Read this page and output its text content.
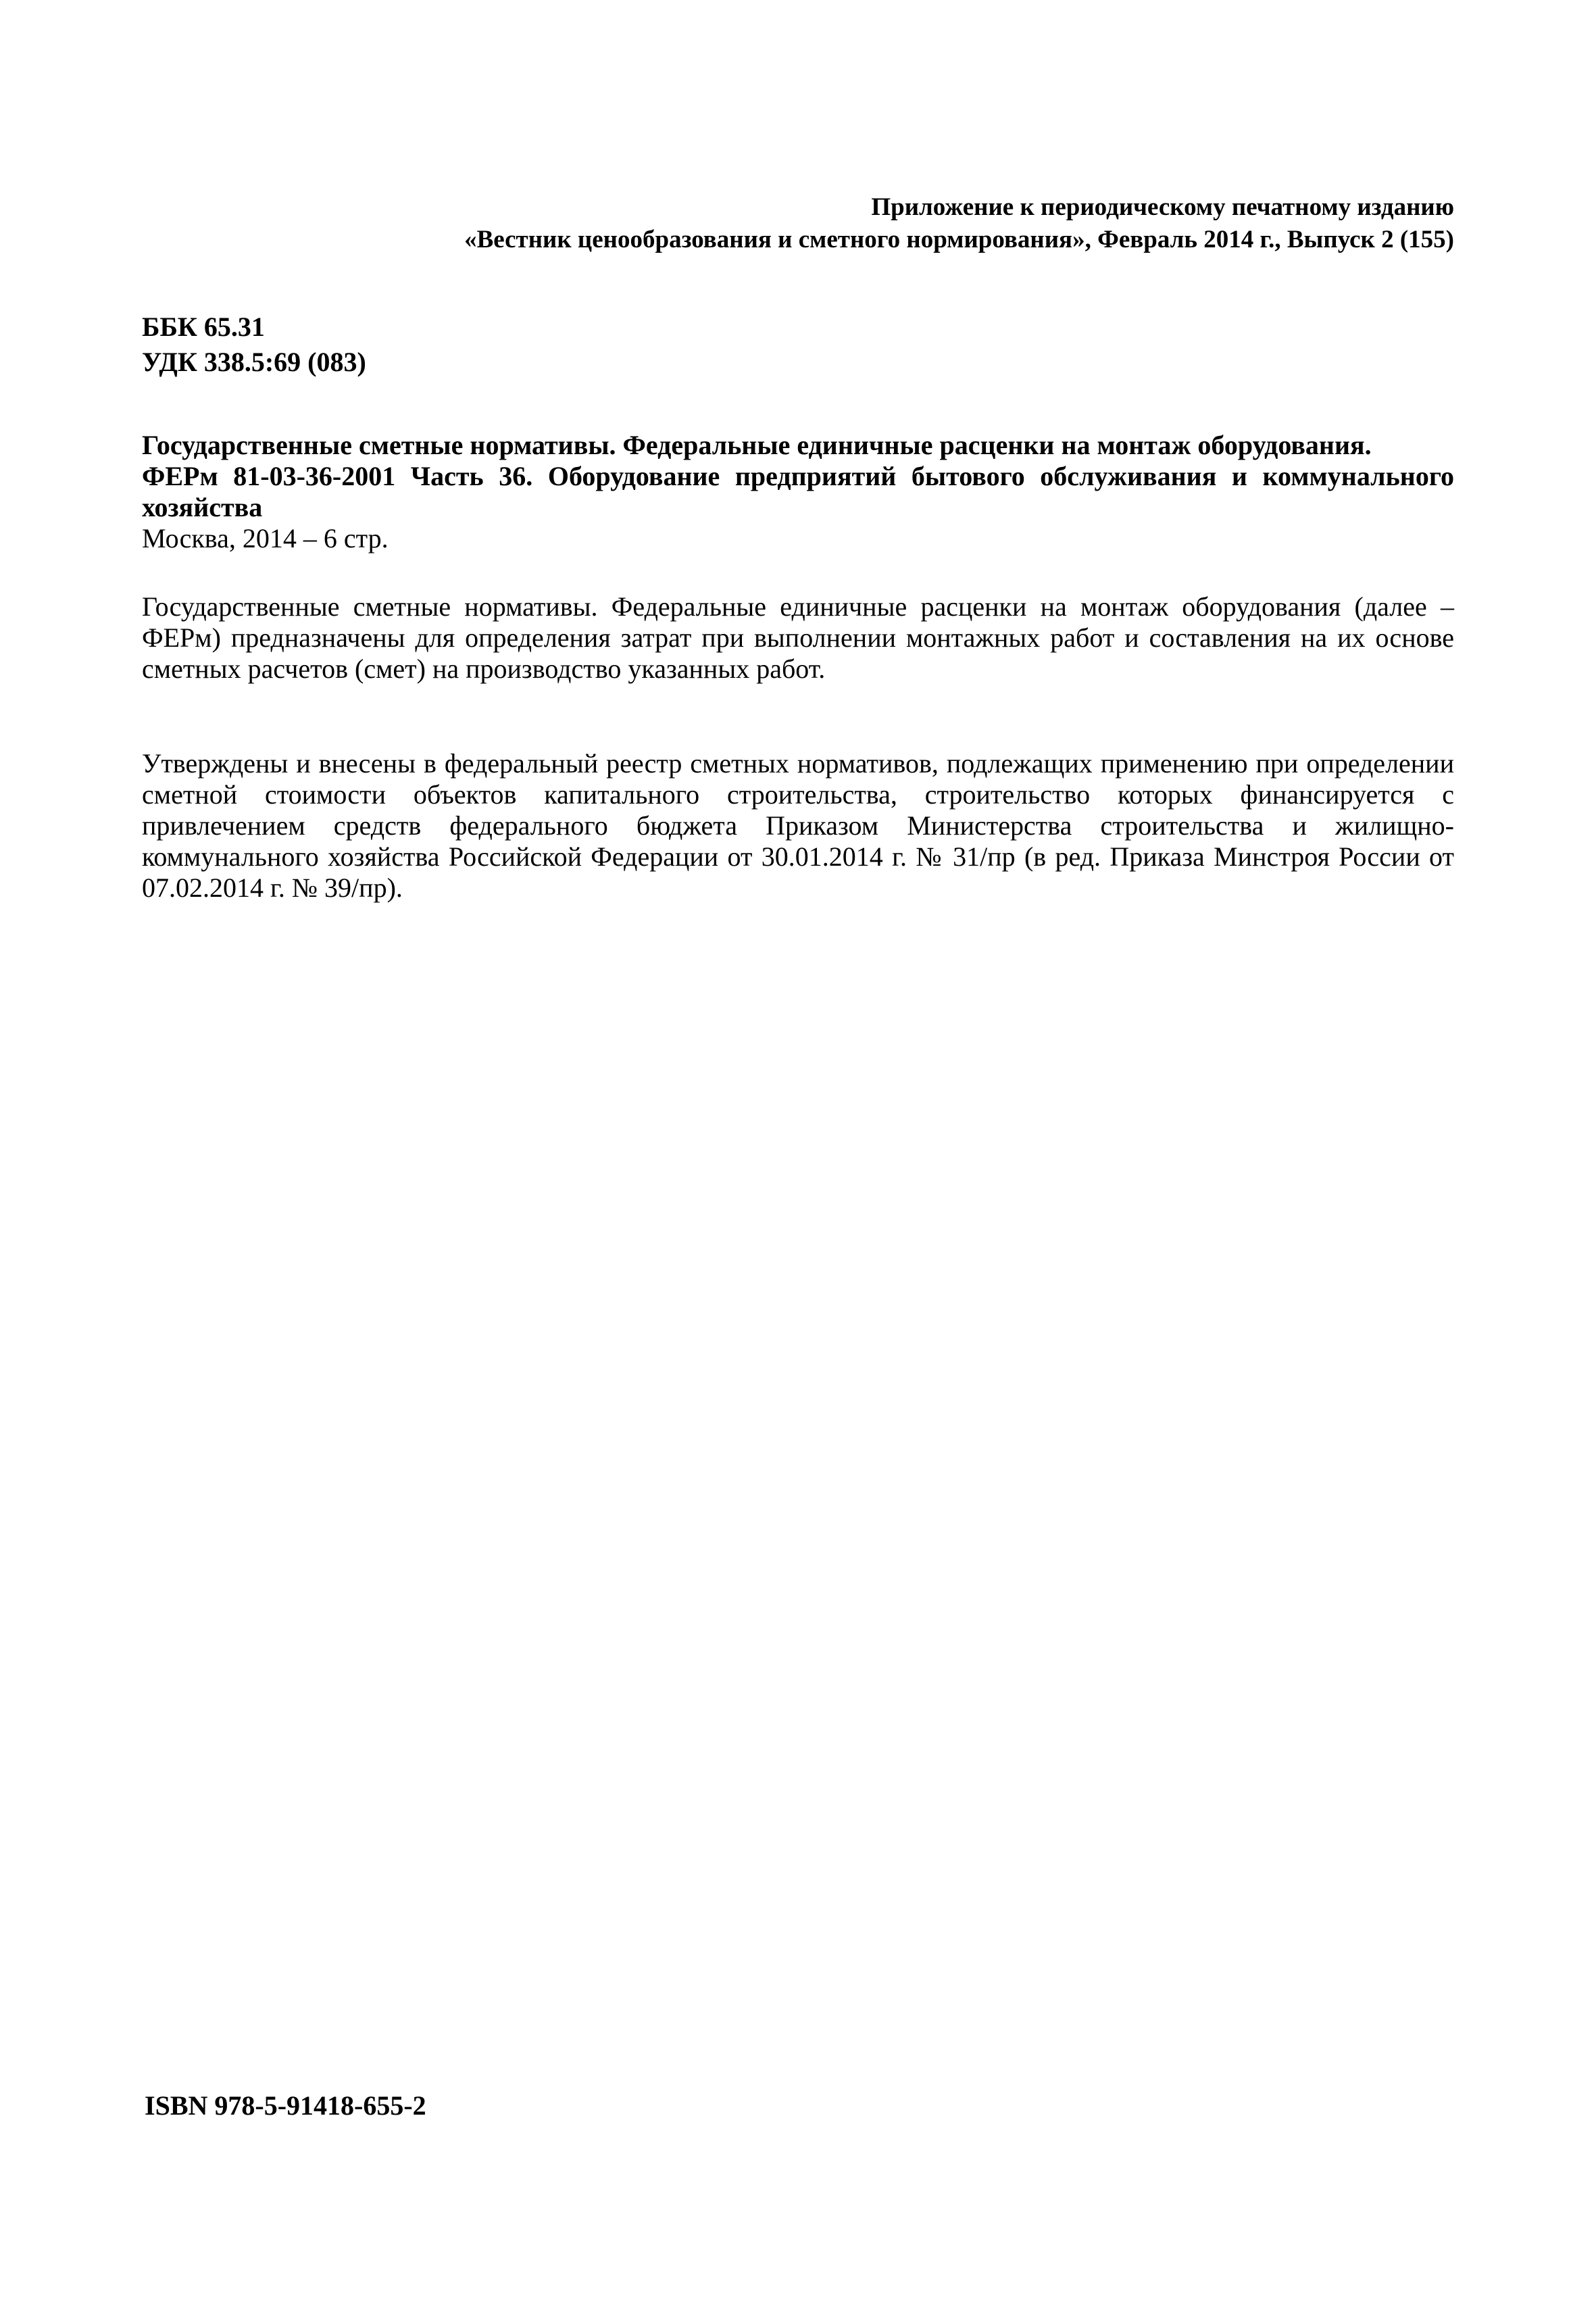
Приложение к периодическому печатному изданию
«Вестник ценообразования и сметного нормирования», Февраль 2014 г., Выпуск 2 (155)
ББК 65.31
УДК 338.5:69 (083)
Государственные сметные нормативы. Федеральные единичные расценки на монтаж оборудования.
ФЕРм 81-03-36-2001 Часть 36. Оборудование предприятий бытового обслуживания и коммунального
хозяйства
Москва, 2014 – 6 стр.
Государственные сметные нормативы. Федеральные единичные расценки на монтаж оборудования (далее – ФЕРм) предназначены для определения затрат при выполнении монтажных работ и составления на их основе сметных расчетов (смет) на производство указанных работ.
Утверждены и внесены в федеральный реестр сметных нормативов, подлежащих применению при определении сметной стоимости объектов капитального строительства, строительство которых финансируется с привлечением средств федерального бюджета Приказом Министерства строительства и жилищно-коммунального хозяйства Российской Федерации от 30.01.2014 г. № 31/пр (в ред. Приказа Минстроя России от 07.02.2014 г. № 39/пр).
ISBN 978-5-91418-655-2
